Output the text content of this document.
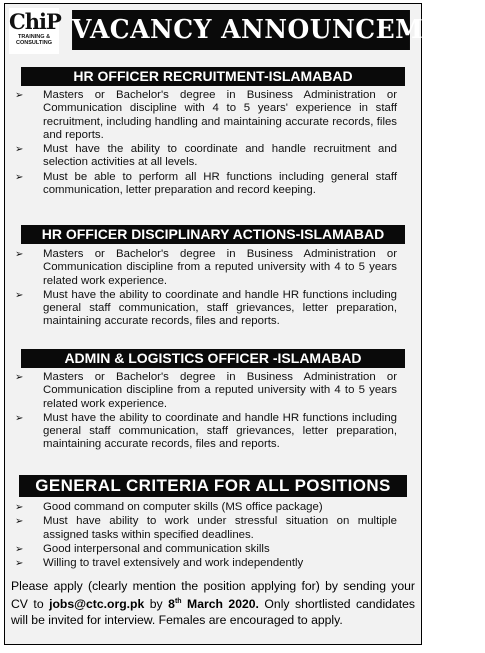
ChiP
TRAINING &
CONSULTING VACANCY ANNOUNCEMENT
HR OFFICER RECRUITMENT-ISLAMABAD
➢ Masters or Bachelor's degree in Business Administration or Communication discipline with 4 to 5 years' experience in staff recruitment, including handling and maintaining accurate records, files and reports.
➢ Must have the ability to coordinate and handle recruitment and selection activities at all levels.
➢ Must be able to perform all HR functions including general staff communication, letter preparation and record keeping.
HR OFFICER DISCIPLINARY ACTIONS-ISLAMABAD
➢ Masters or Bachelor's degree in Business Administration or Communication discipline from a reputed university with 4 to 5 years related work experience.
➢ Must have the ability to coordinate and handle HR functions including general staff communication, staff grievances, letter preparation, maintaining accurate records, files and reports.
ADMIN & LOGISTICS OFFICER -ISLAMABAD
➢ Masters or Bachelor's degree in Business Administration or Communication discipline from a reputed university with 4 to 5 years related work experience.
➢ Must have the ability to coordinate and handle HR functions including general staff communication, staff grievances, letter preparation, maintaining accurate records, files and reports.
GENERAL CRITERIA FOR ALL POSITIONS
➢ Good command on computer skills (MS office package)
➢ Must have ability to work under stressful situation on multiple assigned tasks within specified deadlines.
➢ Good interpersonal and communication skills
➢ Willing to travel extensively and work independently
Please apply (clearly mention the position applying for) by sending your CV to jobs@ctc.org.pk by 8th March 2020. Only shortlisted candidates will be invited for interview. Females are encouraged to apply.
